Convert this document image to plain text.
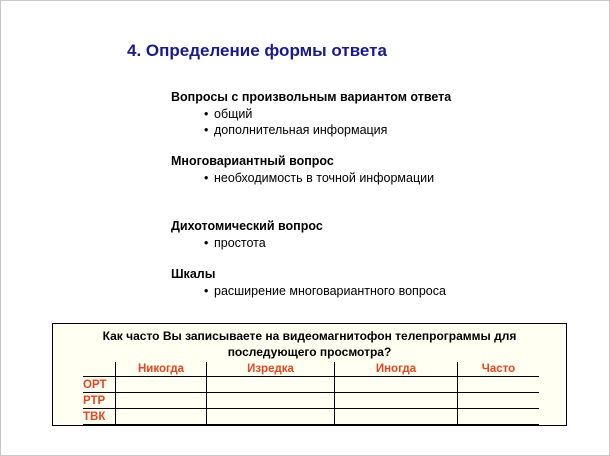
4. Определение формы ответа
Вопросы с произвольным вариантом ответа
• общий
• дополнительная информация
Многовариантный вопрос
• необходимость в точной информации
Дихотомический вопрос
• простота
Шкалы
• расширение многовариантного вопроса
Как часто Вы записываете на видеомагнитофон телепрограммы для
последующего просмотра?
	Никогда	Изредка	Иногда	Часто
ОРТ				
РТР				
ТВК				
